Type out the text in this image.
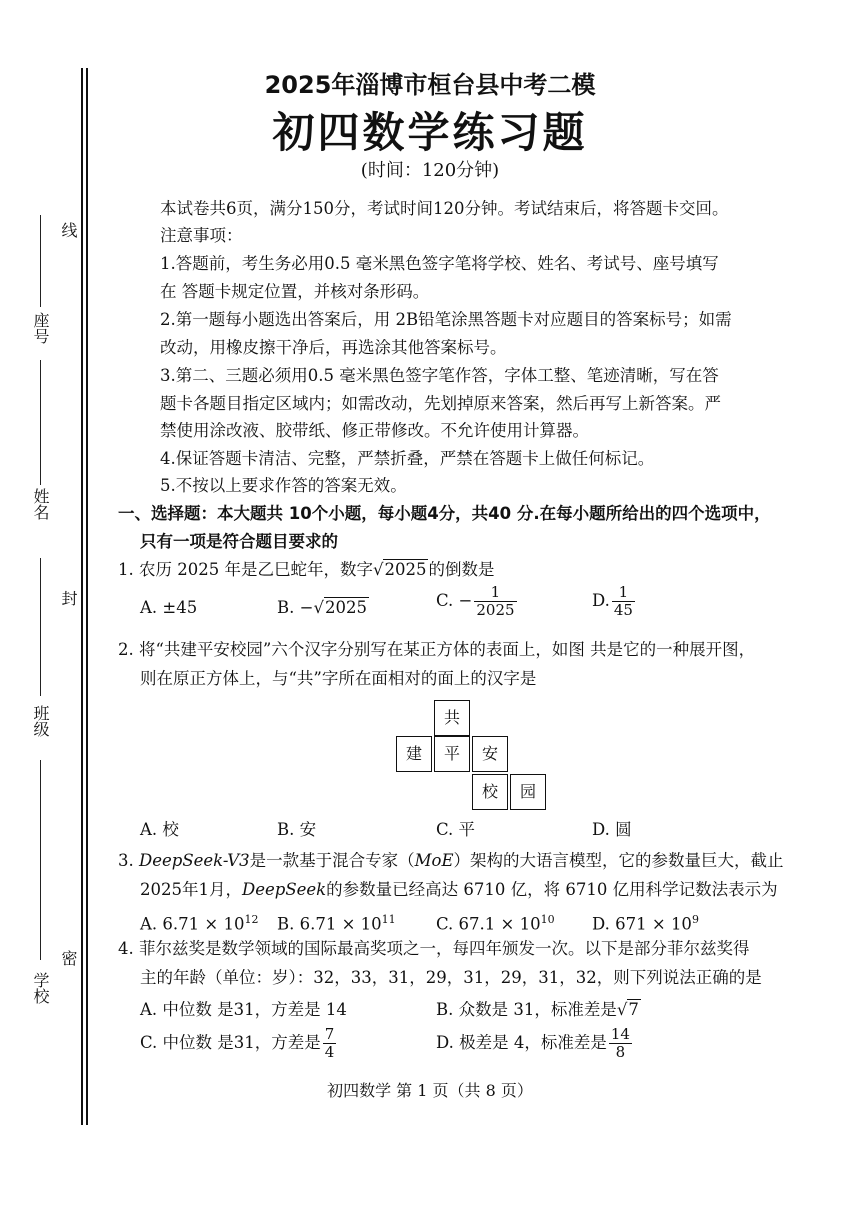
座号
线
姓名
封
班级
学校
密
2025年淄博市桓台县中考二模
初四数学练习题
(时间：120分钟)
本试卷共6页，满分150分，考试时间120分钟。考试结束后，将答题卡交回。
注意事项：
1.答题前，考生务必用0.5 毫米黑色签字笔将学校、姓名、考试号、座号填写
在 答题卡规定位置，并核对条形码。
2.第一题每小题选出答案后，用 2B铅笔涂黑答题卡对应题目的答案标号；如需
改动，用橡皮擦干净后，再选涂其他答案标号。
3.第二、三题必须用0.5 毫米黑色签字笔作答，字体工整、笔迹清晰，写在答
题卡各题目指定区域内；如需改动，先划掉原来答案，然后再写上新答案。严
禁使用涂改液、胶带纸、修正带修改。不允许使用计算器。
4.保证答题卡清洁、完整，严禁折叠，严禁在答题卡上做任何标记。
5.不按以上要求作答的答案无效。
一、选择题：本大题共 10个小题，每小题4分，共40 分.在每小题所给出的四个选项中，
只有一项是符合题目要求的
1. 农历 2025 年是乙巳蛇年，数字√2025 的倒数是
A. ±45	B. −√2025	C. − $\frac{1}{2025}$	D. $\frac{1}{45}$
2. 将“共建平安校园”六个汉字分别写在某正方体的表面上，如图 共是它的一种展开图，
则在原正方体上，与“共”字所在面相对的面上的汉字是
共
建	平	安
校	园
A. 校	B. 安	C. 平	D. 圆
3. DeepSeek-V3是一款基于混合专家（MoE）架构的大语言模型，它的参数量巨大，截止
2025年1月，DeepSeek的参数量已经高达 6710 亿，将 6710 亿用科学记数法表示为
A. $6.71 \times 10^{12}$ B. $6.71 \times 10^{11}$ C. $67.1 \times 10^{10}$ D. $671 \times 10^9$
4. 菲尔兹奖是数学领域的国际最高奖项之一，每四年颁发一次。以下是部分菲尔兹奖得
主的年龄（单位：岁）：32，33，31，29，31，29，31，32，则下列说法正确的是
A. 中位数 是31，方差是 14	B. 众数是 31，标准差是√7
C. 中位数 是31，方差是 $\frac{7}{4}$	D. 极差是 4，标准差是 $\frac{14}{8}$
初四数学 第 1 页（共 8 页）
